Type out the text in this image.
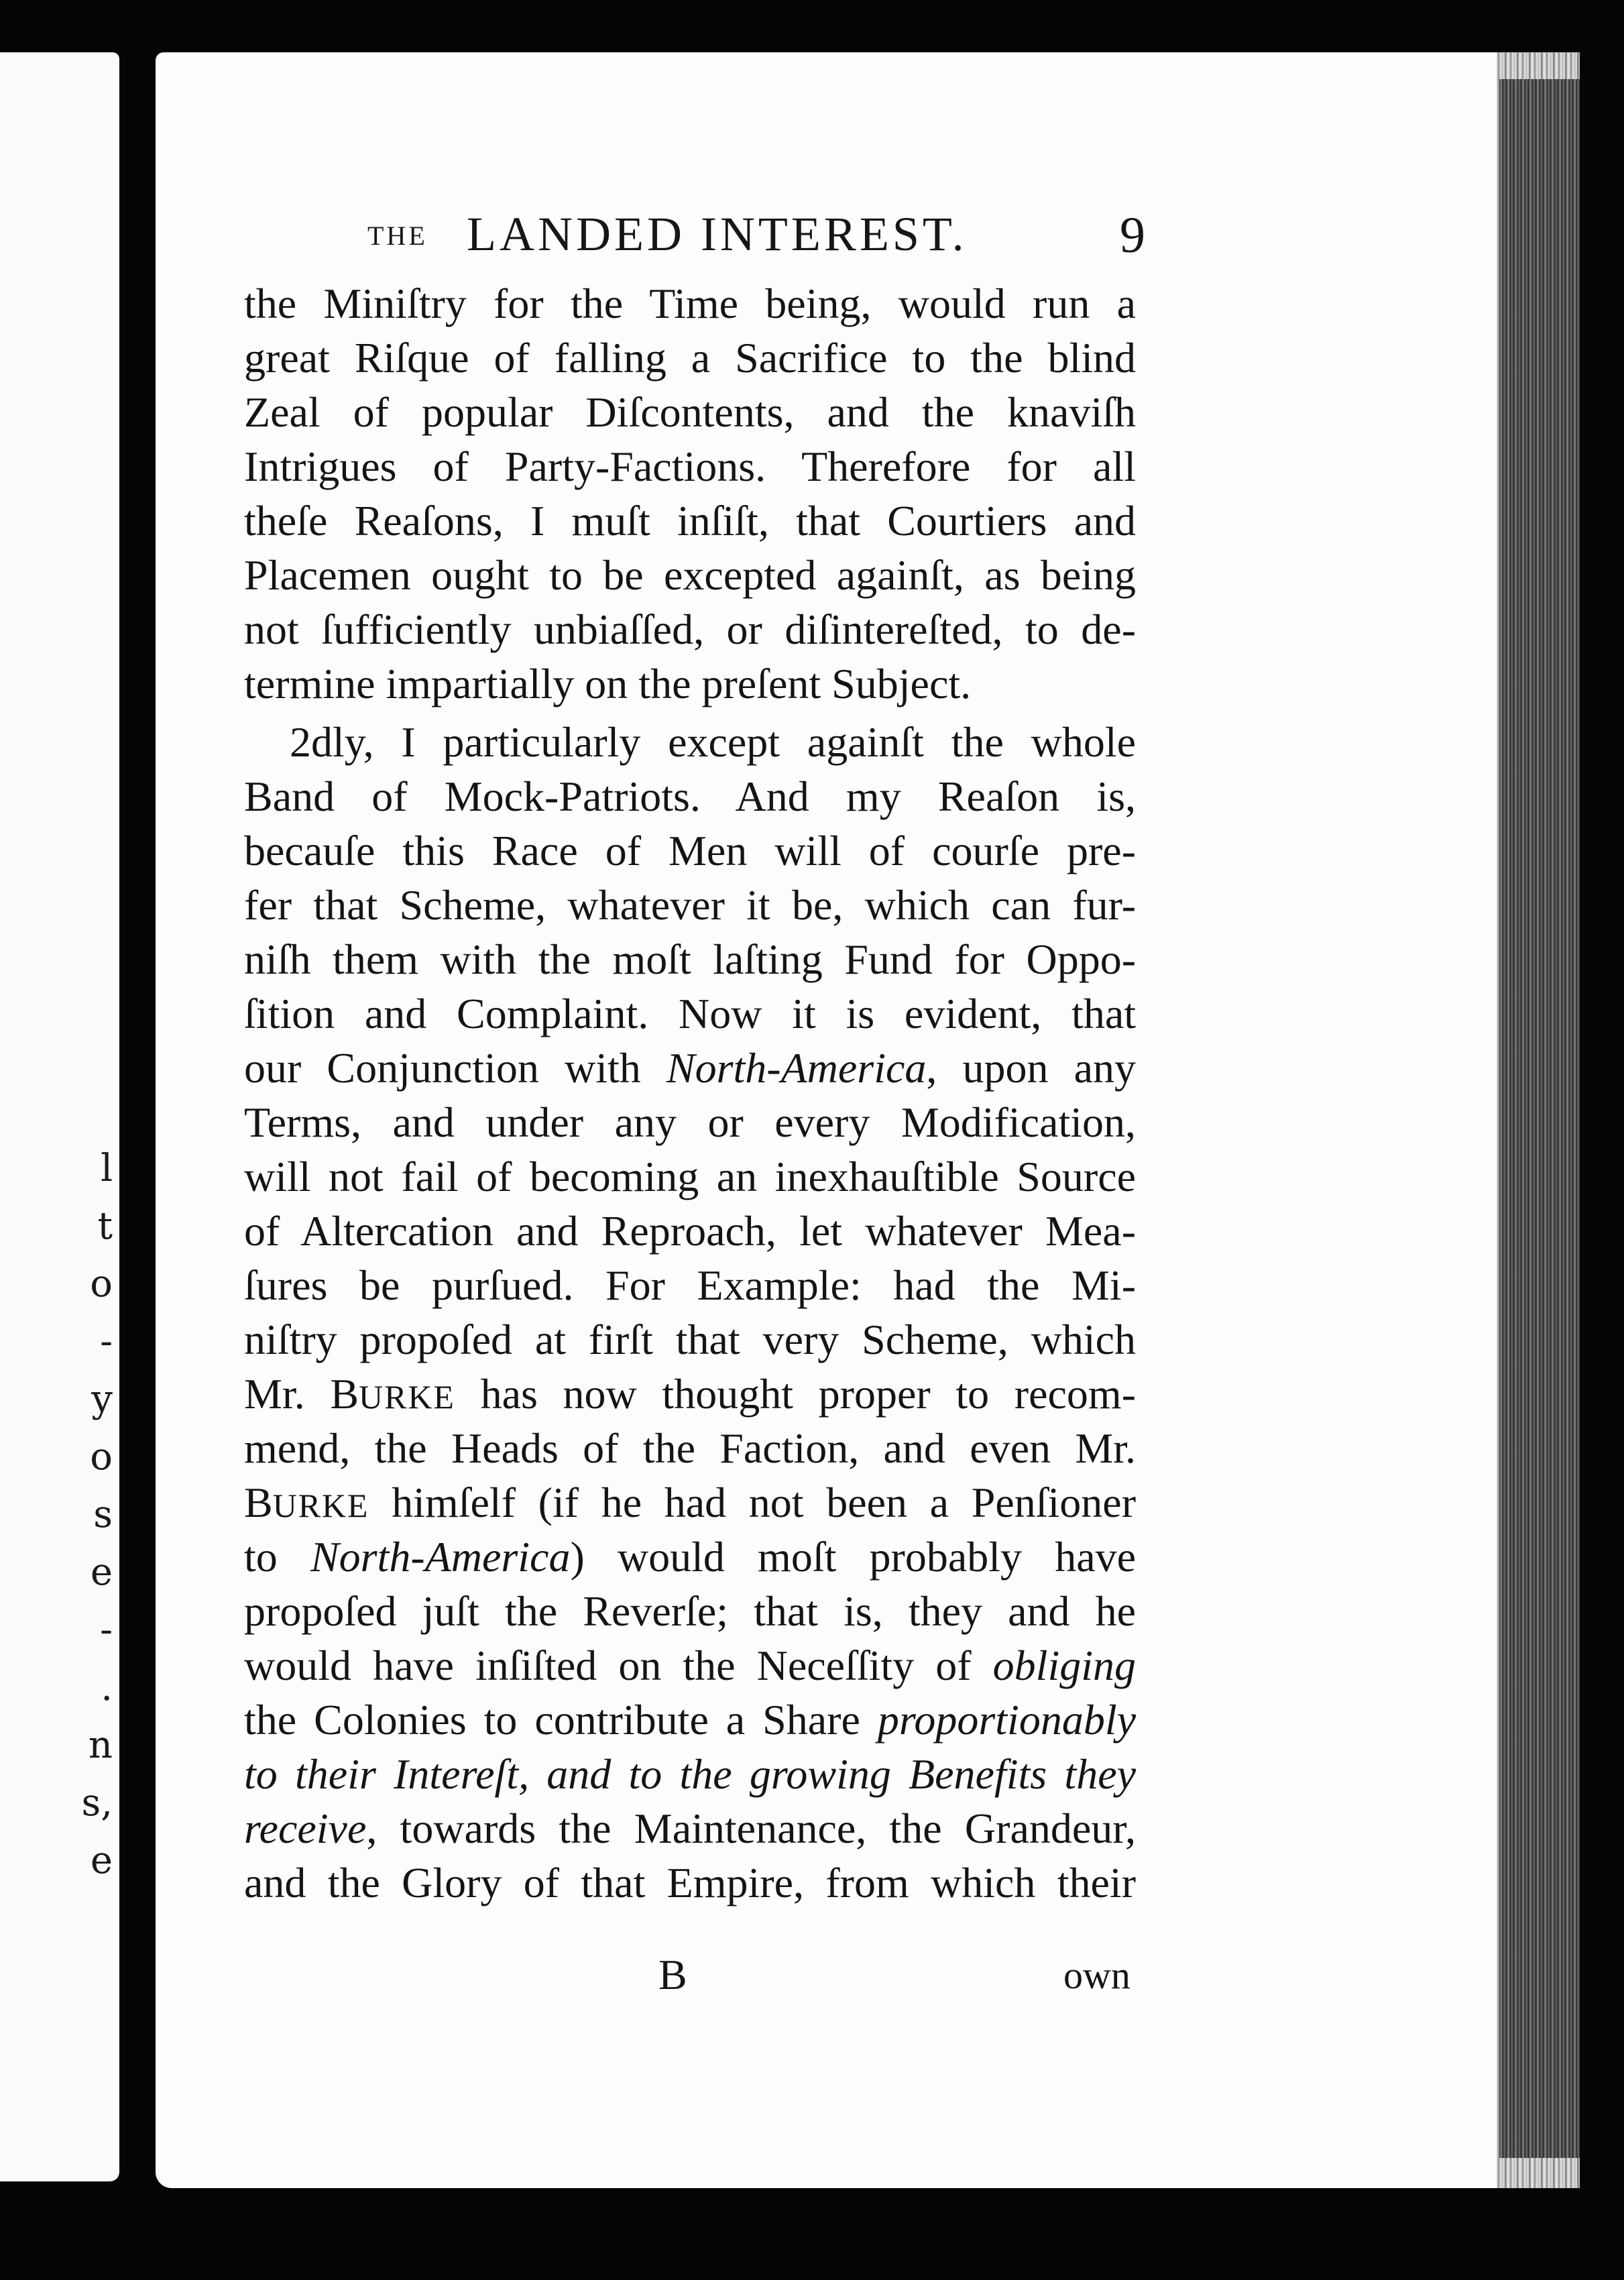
l
t
o
-
y
o
s
e
-
.
n
s,
e
THE LANDED INTEREST.	9
the Miniſtry for the Time being, would run a
great Riſque of falling a Sacrifice to the blind
Zeal of popular Diſcontents, and the knaviſh
Intrigues of Party-Factions. Therefore for all
theſe Reaſons, I muſt inſiſt, that Courtiers and
Placemen ought to be excepted againſt, as being
not ſufficiently unbiaſſed, or diſintereſted, to de-
termine impartially on the preſent Subject.
2dly, I particularly except againſt the whole
Band of Mock-Patriots. And my Reaſon is,
becauſe this Race of Men will of courſe pre-
fer that Scheme, whatever it be, which can fur-
niſh them with the moſt laſting Fund for Oppo-
ſition and Complaint. Now it is evident, that
our Conjunction with North-America, upon any
Terms, and under any or every Modification,
will not fail of becoming an inexhauſtible Source
of Altercation and Reproach, let whatever Mea-
ſures be purſued. For Example: had the Mi-
niſtry propoſed at firſt that very Scheme, which
Mr. BURKE has now thought proper to recom-
mend, the Heads of the Faction, and even Mr.
BURKE himſelf (if he had not been a Penſioner
to North-America) would moſt probably have
propoſed juſt the Reverſe; that is, they and he
would have inſiſted on the Neceſſity of obliging
the Colonies to contribute a Share proportionably
to their Intereſt, and to the growing Benefits they
receive, towards the Maintenance, the Grandeur,
and the Glory of that Empire, from which their
B	own
